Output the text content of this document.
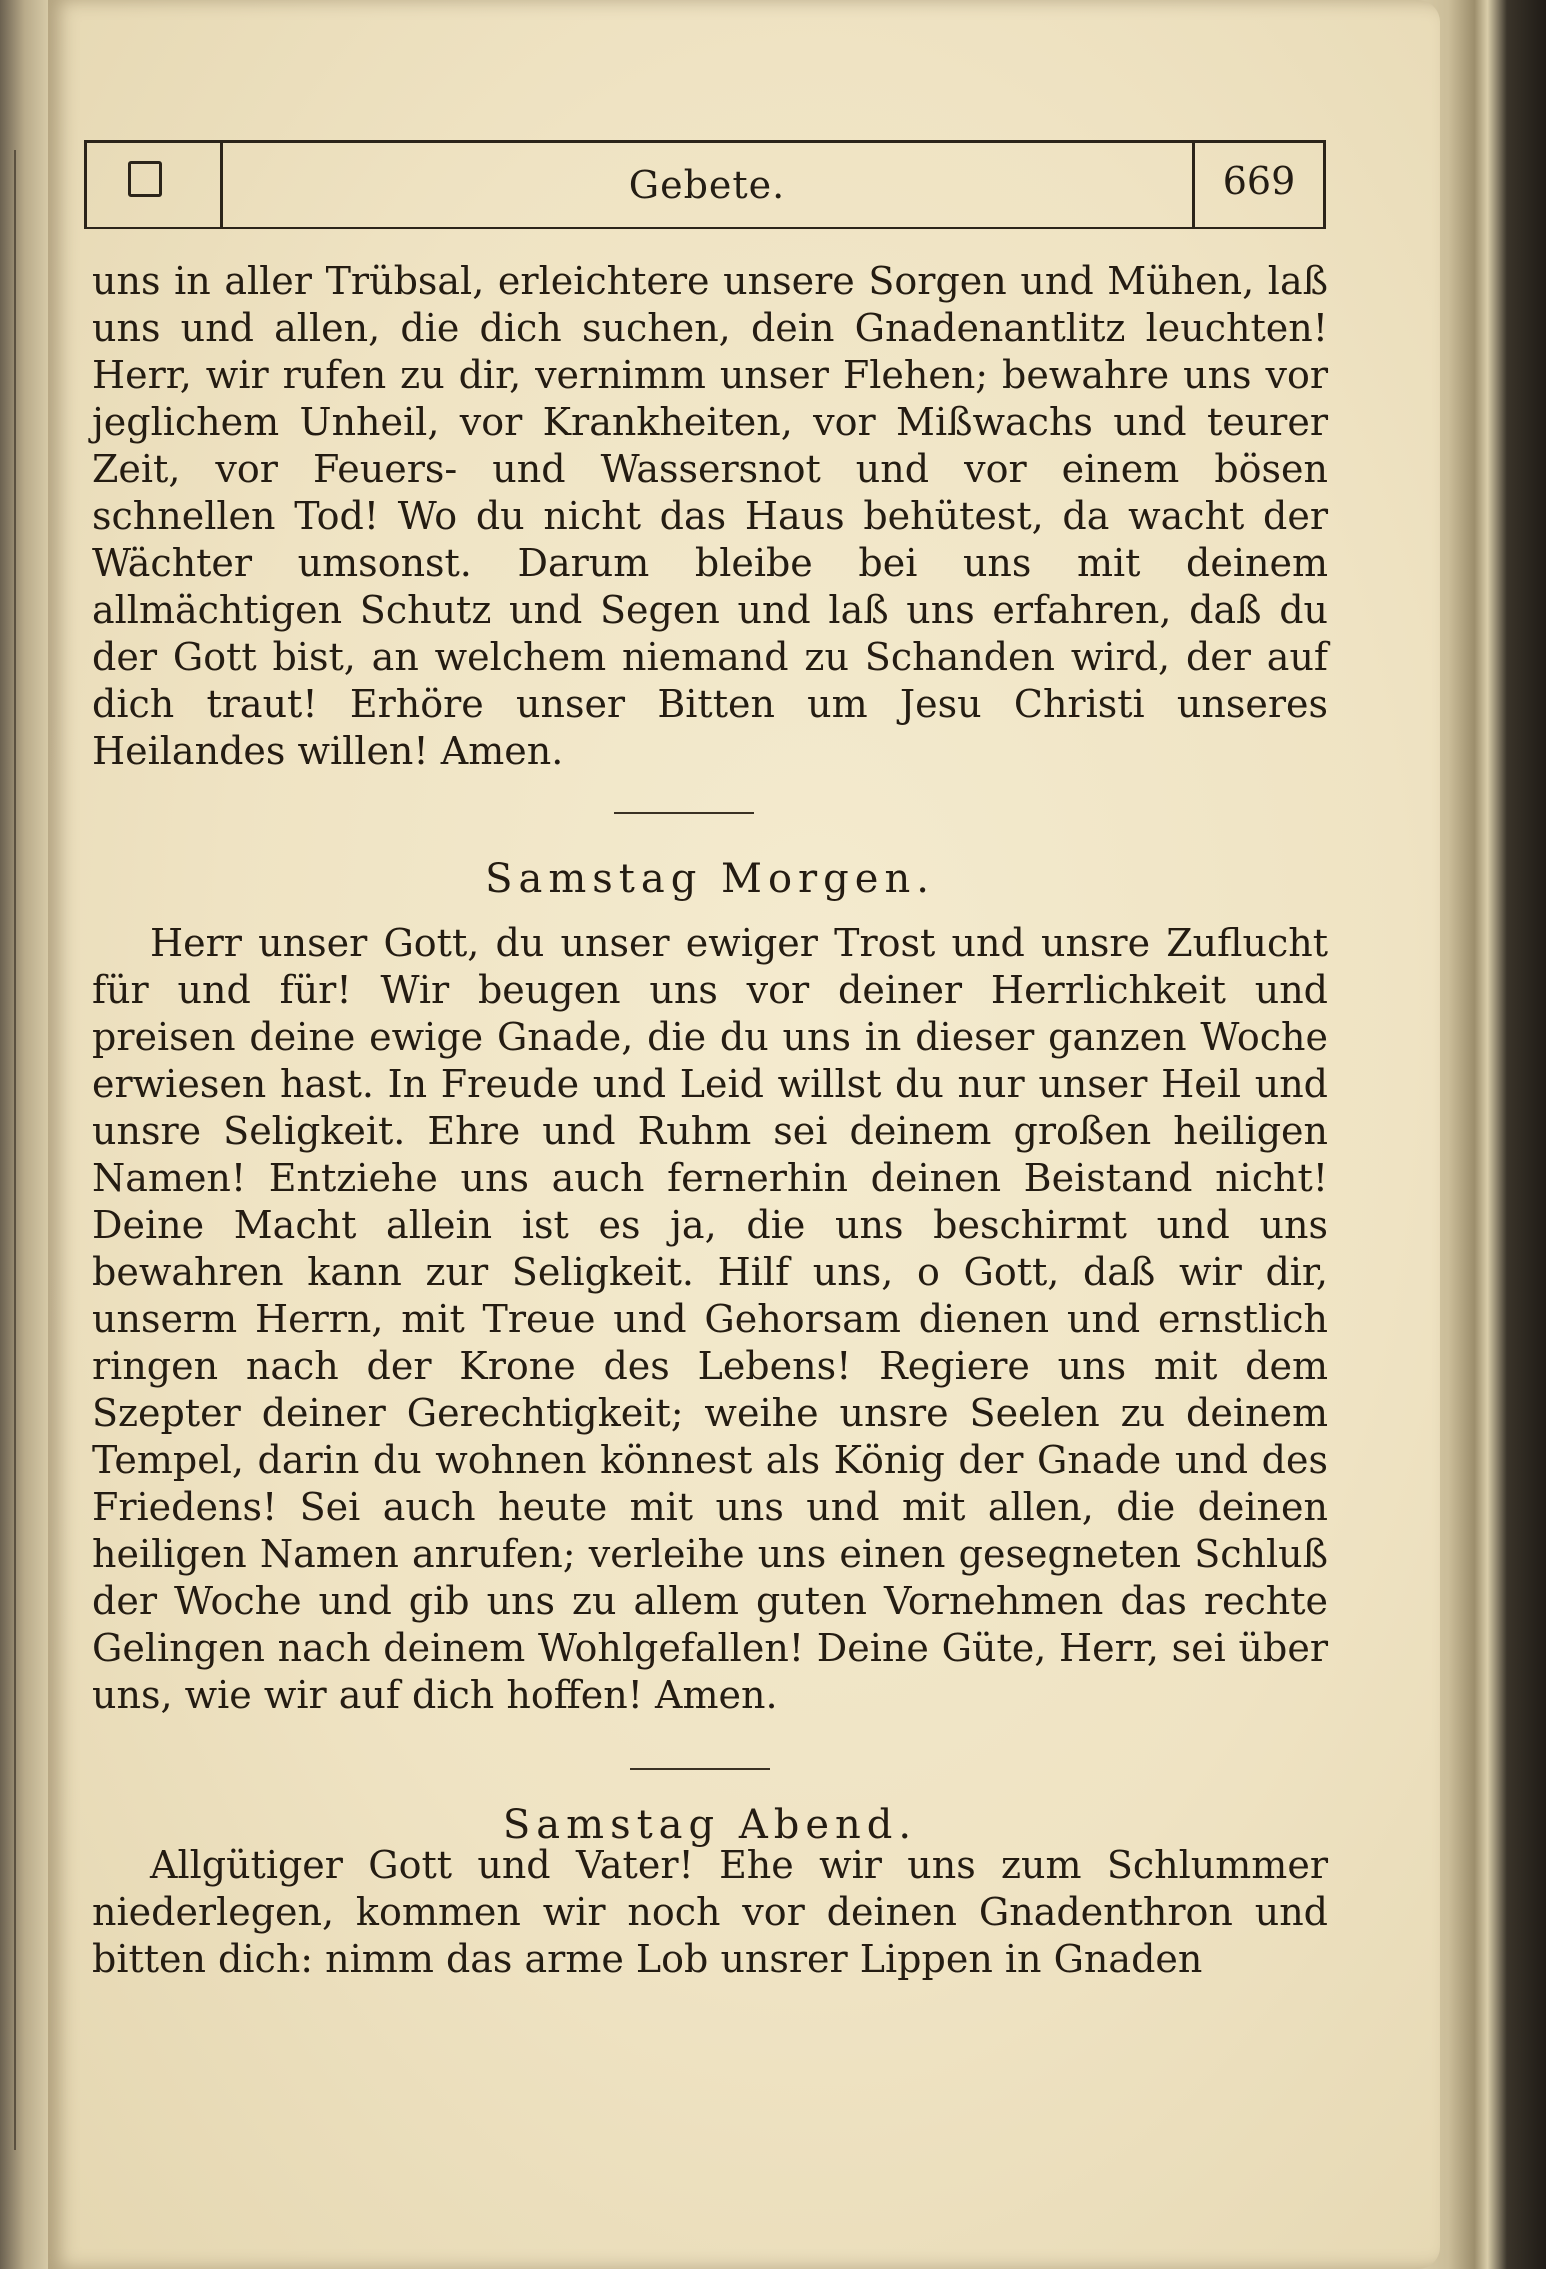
Gebete.	669
uns in aller Trübsal, erleichtere unsere Sorgen und Mühen, laß uns und allen, die dich suchen, dein Gnadenantlitz leuchten! Herr, wir rufen zu dir, vernimm unser Flehen; bewahre uns vor jeglichem Unheil, vor Krankheiten, vor Mißwachs und teurer Zeit, vor Feuers- und Wassersnot und vor einem bösen schnellen Tod! Wo du nicht das Haus behütest, da wacht der Wächter umsonst. Darum bleibe bei uns mit deinem allmächtigen Schutz und Segen und laß uns erfahren, daß du der Gott bist, an welchem niemand zu Schanden wird, der auf dich traut! Erhöre unser Bitten um Jesu Christi unseres Heilandes willen! Amen.
Samstag Morgen.
Herr unser Gott, du unser ewiger Trost und unsre Zuflucht für und für! Wir beugen uns vor deiner Herrlichkeit und preisen deine ewige Gnade, die du uns in dieser ganzen Woche erwiesen hast. In Freude und Leid willst du nur unser Heil und unsre Seligkeit. Ehre und Ruhm sei deinem großen heiligen Namen! Entziehe uns auch fernerhin deinen Beistand nicht! Deine Macht allein ist es ja, die uns beschirmt und uns bewahren kann zur Seligkeit. Hilf uns, o Gott, daß wir dir, unserm Herrn, mit Treue und Gehorsam dienen und ernstlich ringen nach der Krone des Lebens! Regiere uns mit dem Szepter deiner Gerechtigkeit; weihe unsre Seelen zu deinem Tempel, darin du wohnen könnest als König der Gnade und des Friedens! Sei auch heute mit uns und mit allen, die deinen heiligen Namen anrufen; verleihe uns einen gesegneten Schluß der Woche und gib uns zu allem guten Vornehmen das rechte Gelingen nach deinem Wohlgefallen! Deine Güte, Herr, sei über uns, wie wir auf dich hoffen! Amen.
Samstag Abend.
Allgütiger Gott und Vater! Ehe wir uns zum Schlummer niederlegen, kommen wir noch vor deinen Gnadenthron und bitten dich: nimm das arme Lob unsrer Lippen in Gnaden
